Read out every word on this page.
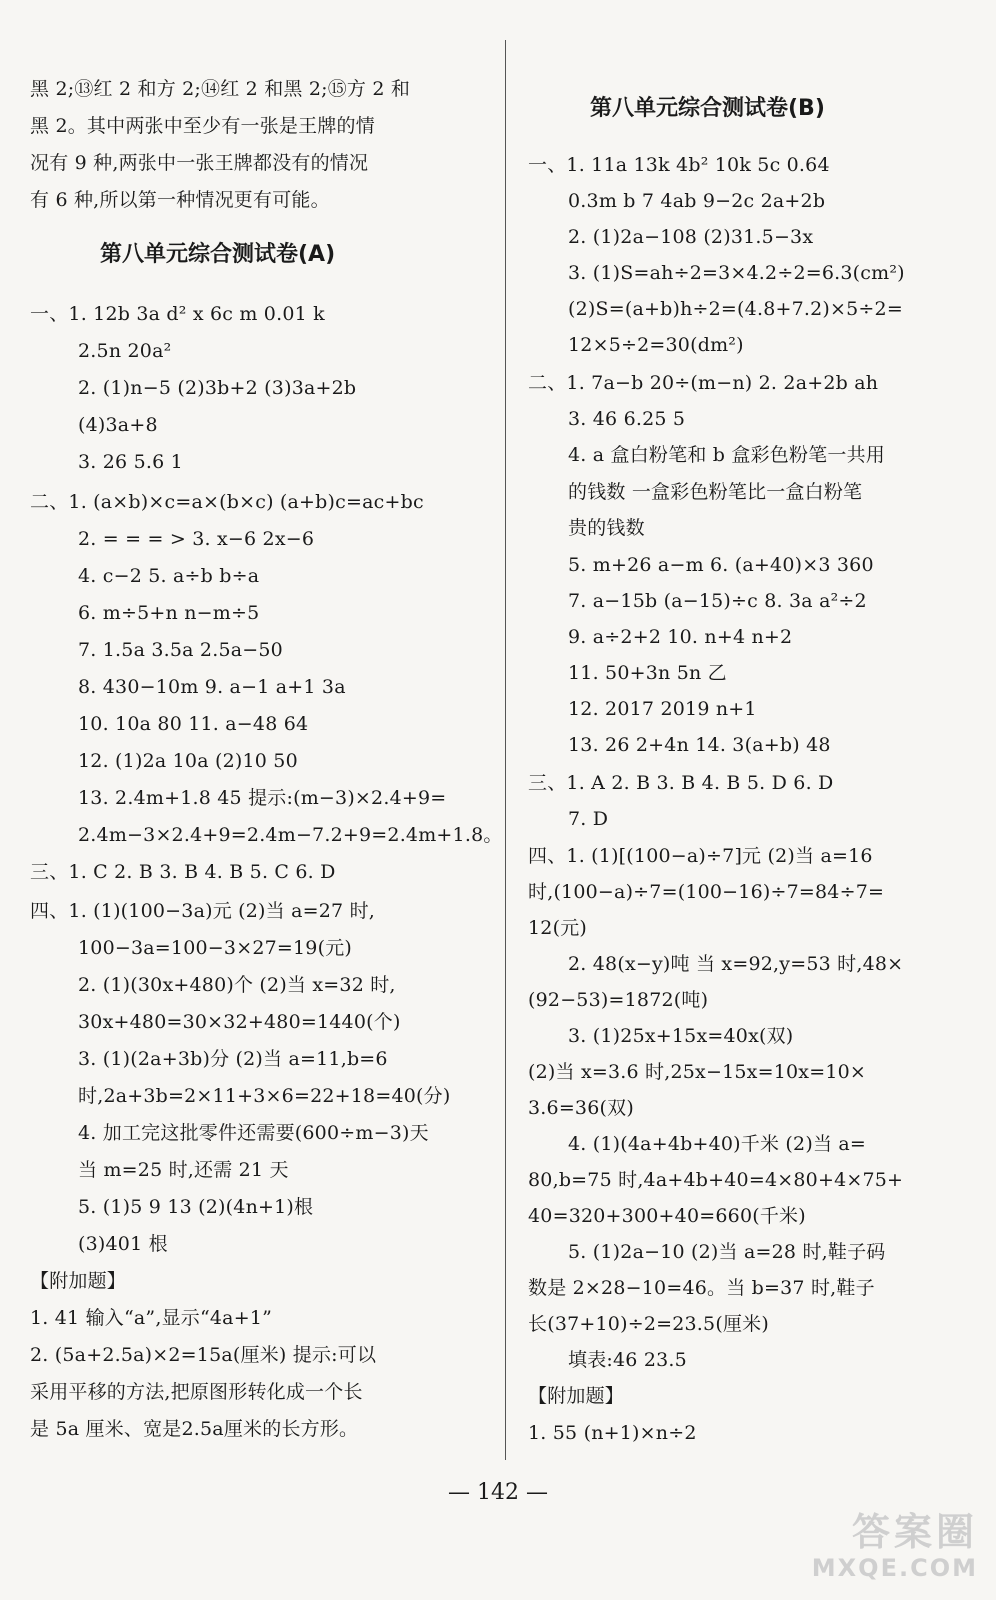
黑 2;⑬红 2 和方 2;⑭红 2 和黑 2;⑮方 2 和
黑 2。其中两张中至少有一张是王牌的情
况有 9 种,两张中一张王牌都没有的情况
有 6 种,所以第一种情况更有可能。
第八单元综合测试卷(A)
一、1. 12b 3a d² x 6c m 0.01 k
2.5n 20a²
2. (1)n−5 (2)3b+2 (3)3a+2b
(4)3a+8
3. 26 5.6 1
二、1. (a×b)×c=a×(b×c) (a+b)c=ac+bc
2. = = = > 3. x−6 2x−6
4. c−2 5. a÷b b÷a
6. m÷5+n n−m÷5
7. 1.5a 3.5a 2.5a−50
8. 430−10m 9. a−1 a+1 3a
10. 10a 80 11. a−48 64
12. (1)2a 10a (2)10 50
13. 2.4m+1.8 45 提示:(m−3)×2.4+9=
2.4m−3×2.4+9=2.4m−7.2+9=2.4m+1.8。
三、1. C 2. B 3. B 4. B 5. C 6. D
四、1. (1)(100−3a)元 (2)当 a=27 时,
100−3a=100−3×27=19(元)
2. (1)(30x+480)个 (2)当 x=32 时,
30x+480=30×32+480=1440(个)
3. (1)(2a+3b)分 (2)当 a=11,b=6
时,2a+3b=2×11+3×6=22+18=40(分)
4. 加工完这批零件还需要(600÷m−3)天
当 m=25 时,还需 21 天
5. (1)5 9 13 (2)(4n+1)根
(3)401 根
【附加题】
1. 41 输入“a”,显示“4a+1”
2. (5a+2.5a)×2=15a(厘米) 提示:可以
采用平移的方法,把原图形转化成一个长
是 5a 厘米、宽是2.5a厘米的长方形。
第八单元综合测试卷(B)
一、1. 11a 13k 4b² 10k 5c 0.64
0.3m b 7 4ab 9−2c 2a+2b
2. (1)2a−108 (2)31.5−3x
3. (1)S=ah÷2=3×4.2÷2=6.3(cm²)
(2)S=(a+b)h÷2=(4.8+7.2)×5÷2=
12×5÷2=30(dm²)
二、1. 7a−b 20÷(m−n) 2. 2a+2b ah
3. 46 6.25 5
4. a 盒白粉笔和 b 盒彩色粉笔一共用
的钱数 一盒彩色粉笔比一盒白粉笔
贵的钱数
5. m+26 a−m 6. (a+40)×3 360
7. a−15b (a−15)÷c 8. 3a a²÷2
9. a÷2+2 10. n+4 n+2
11. 50+3n 5n 乙
12. 2017 2019 n+1
13. 26 2+4n 14. 3(a+b) 48
三、1. A 2. B 3. B 4. B 5. D 6. D
7. D
四、1. (1)[(100−a)÷7]元 (2)当 a=16
时,(100−a)÷7=(100−16)÷7=84÷7=
12(元)
2. 48(x−y)吨 当 x=92,y=53 时,48×
(92−53)=1872(吨)
3. (1)25x+15x=40x(双)
(2)当 x=3.6 时,25x−15x=10x=10×
3.6=36(双)
4. (1)(4a+4b+40)千米 (2)当 a=
80,b=75 时,4a+4b+40=4×80+4×75+
40=320+300+40=660(千米)
5. (1)2a−10 (2)当 a=28 时,鞋子码
数是 2×28−10=46。当 b=37 时,鞋子
长(37+10)÷2=23.5(厘米)
填表:46 23.5
【附加题】
1. 55 (n+1)×n÷2
— 142 —
答案圈
MXQE.COM
